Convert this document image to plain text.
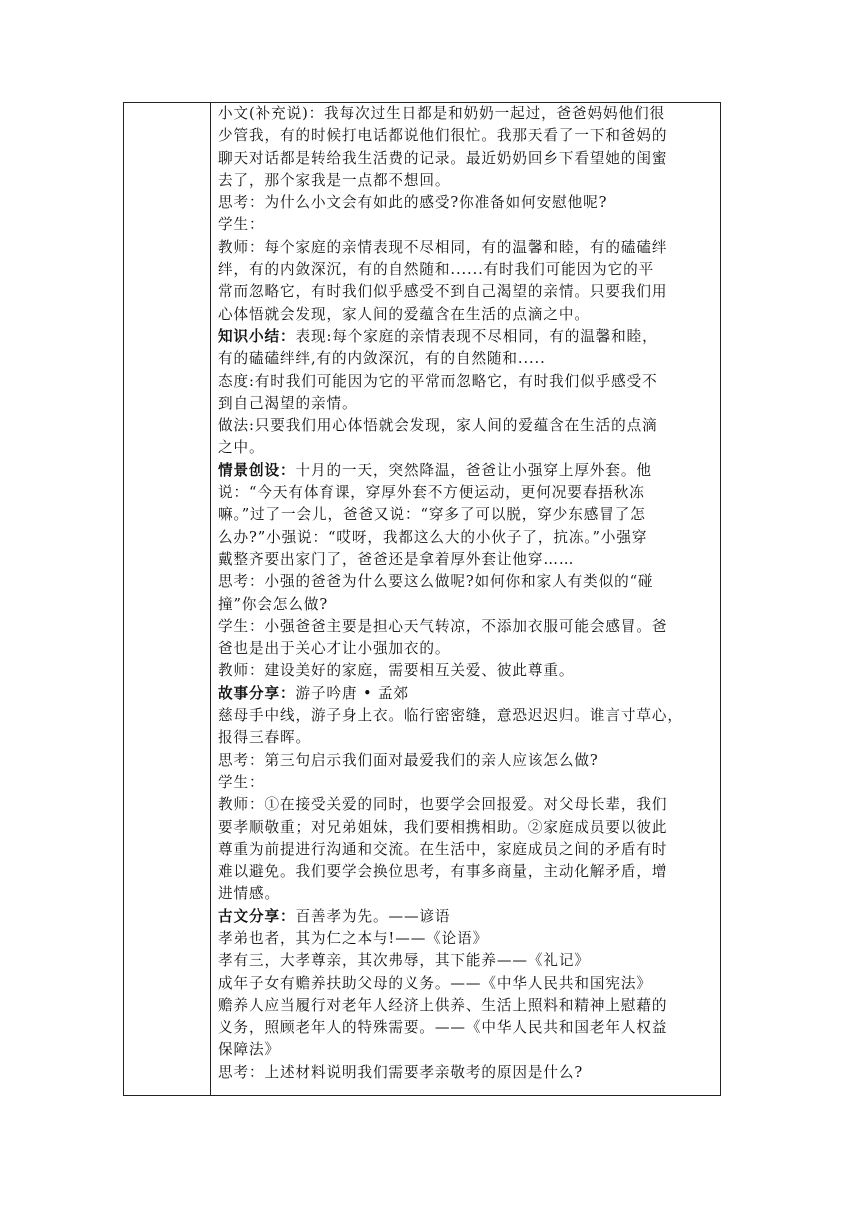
小文(补充说)：我每次过生日都是和奶奶一起过，爸爸妈妈他们很
少管我，有的时候打电话都说他们很忙。我那天看了一下和爸妈的
聊天对话都是转给我生活费的记录。最近奶奶回乡下看望她的闺蜜
去了，那个家我是一点都不想回。
思考：为什么小文会有如此的感受?你准备如何安慰他呢?
学生：
教师：每个家庭的亲情表现不尽相同，有的温馨和睦，有的磕磕绊
绊，有的内敛深沉，有的自然随和......有时我们可能因为它的平
常而忽略它，有时我们似乎感受不到自己渴望的亲情。只要我们用
心体悟就会发现，家人间的爱蕴含在生活的点滴之中。
知识小结：表现:每个家庭的亲情表现不尽相同，有的温馨和睦，
有的磕磕绊绊,有的内敛深沉，有的自然随和.....
态度:有时我们可能因为它的平常而忽略它，有时我们似乎感受不
到自己渴望的亲情。
做法:只要我们用心体悟就会发现，家人间的爱蕴含在生活的点滴
之中。
情景创设：十月的一天，突然降温，爸爸让小强穿上厚外套。他
说：“今天有体育课，穿厚外套不方便运动，更何况要春捂秋冻
嘛。”过了一会儿，爸爸又说：“穿多了可以脱，穿少东感冒了怎
么办?”小强说：“哎呀，我都这么大的小伙子了，抗冻。”小强穿
戴整齐要出家门了，爸爸还是拿着厚外套让他穿……
思考：小强的爸爸为什么要这么做呢?如何你和家人有类似的“碰
撞”你会怎么做?
学生：小强爸爸主要是担心天气转凉，不添加衣服可能会感冒。爸
爸也是出于关心才让小强加衣的。
教师：建设美好的家庭，需要相互关爱、彼此尊重。
故事分享：游子吟唐 • 孟郊
慈母手中线，游子身上衣。临行密密缝，意恐迟迟归。谁言寸草心，
报得三春晖。
思考：第三句启示我们面对最爱我们的亲人应该怎么做?
学生：
教师：①在接受关爱的同时，也要学会回报爱。对父母长辈，我们
要孝顺敬重；对兄弟姐妹，我们要相携相助。②家庭成员要以彼此
尊重为前提进行沟通和交流。在生活中，家庭成员之间的矛盾有时
难以避免。我们要学会换位思考，有事多商量，主动化解矛盾，增
进情感。
古文分享：百善孝为先。——谚语
孝弟也者，其为仁之本与!——《论语》
孝有三，大孝尊亲，其次弗辱，其下能养——《礼记》
成年子女有赡养扶助父母的义务。——《中华人民共和国宪法》
赡养人应当履行对老年人经济上供养、生活上照料和精神上慰藉的
义务，照顾老年人的特殊需要。——《中华人民共和国老年人权益
保障法》
思考：上述材料说明我们需要孝亲敬考的原因是什么?
